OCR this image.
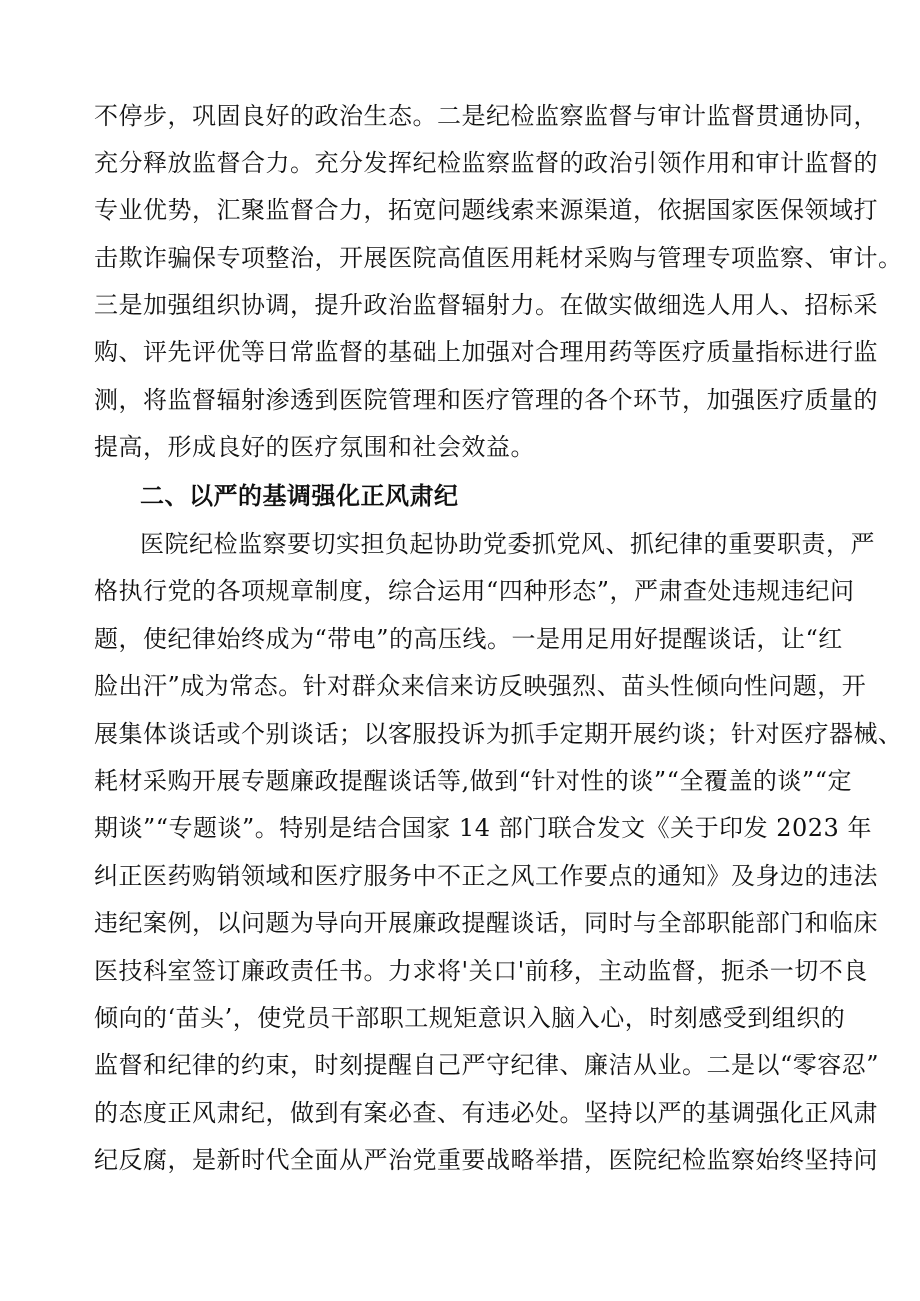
不停步，巩固良好的政治生态。二是纪检监察监督与审计监督贯通协同，
充分释放监督合力。充分发挥纪检监察监督的政治引领作用和审计监督的
专业优势，汇聚监督合力，拓宽问题线索来源渠道，依据国家医保领域打
击欺诈骗保专项整治，开展医院高值医用耗材采购与管理专项监察、审计。
三是加强组织协调，提升政治监督辐射力。在做实做细选人用人、招标采
购、评先评优等日常监督的基础上加强对合理用药等医疗质量指标进行监
测，将监督辐射渗透到医院管理和医疗管理的各个环节，加强医疗质量的
提高，形成良好的医疗氛围和社会效益。
二、以严的基调强化正风肃纪
医院纪检监察要切实担负起协助党委抓党风、抓纪律的重要职责，严
格执行党的各项规章制度，综合运用“四种形态”，严肃查处违规违纪问
题，使纪律始终成为“带电”的高压线。一是用足用好提醒谈话，让“红
脸出汗”成为常态。针对群众来信来访反映强烈、苗头性倾向性问题，开
展集体谈话或个别谈话；以客服投诉为抓手定期开展约谈；针对医疗器械、
耗材采购开展专题廉政提醒谈话等,做到“针对性的谈”“全覆盖的谈”“定
期谈”“专题谈”。特别是结合国家 14 部门联合发文《关于印发 2023 年
纠正医药购销领域和医疗服务中不正之风工作要点的通知》及身边的违法
违纪案例，以问题为导向开展廉政提醒谈话，同时与全部职能部门和临床
医技科室签订廉政责任书。力求将'关口'前移，主动监督，扼杀一切不良
倾向的‘苗头’，使党员干部职工规矩意识入脑入心，时刻感受到组织的
监督和纪律的约束，时刻提醒自己严守纪律、廉洁从业。二是以“零容忍”
的态度正风肃纪，做到有案必查、有违必处。坚持以严的基调强化正风肃
纪反腐，是新时代全面从严治党重要战略举措，医院纪检监察始终坚持问
